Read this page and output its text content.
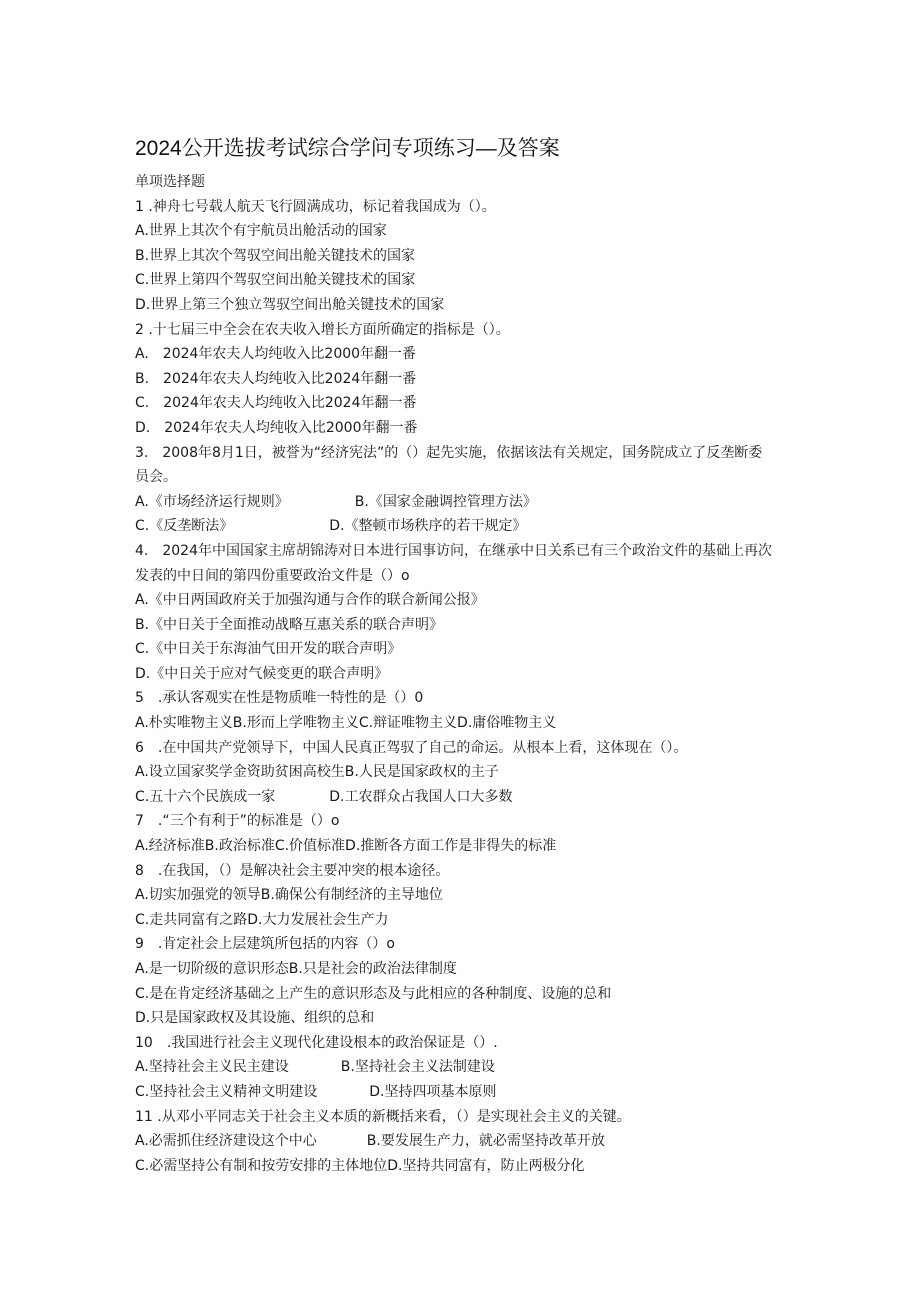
2024公开选拔考试综合学问专项练习—及答案
单项选择题
1 .神舟七号载人航天飞行圆满成功，标记着我国成为（）。
A.世界上其次个有宇航员出舱活动的国家
B.世界上其次个驾驭空间出舱关键技术的国家
C.世界上第四个驾驭空间出舱关键技术的国家
D.世界上第三个独立驾驭空间出舱关键技术的国家
2 .十七届三中全会在农夫收入增长方面所确定的指标是（）。
A.　2024年农夫人均纯收入比2000年翻一番
B.　2024年农夫人均纯收入比2024年翻一番
C.　2024年农夫人均纯收入比2024年翻一番
D.　2024年农夫人均纯收入比2000年翻一番
3.　2008年8月1日，被誉为“经济宪法”的（）起先实施，依据该法有关规定，国务院成立了反垄断委员会。
A.《市场经济运行规则》	B.《国家金融调控管理方法》
C.《反垄断法》	D.《整顿市场秩序的若干规定》
4.　2024年中国国家主席胡锦涛对日本进行国事访问，在继承中日关系已有三个政治文件的基础上再次发表的中日间的第四份重要政治文件是（）o
A.《中日两国政府关于加强沟通与合作的联合新闻公报》
B.《中日关于全面推动战略互惠关系的联合声明》
C.《中日关于东海油气田开发的联合声明》
D.《中日关于应对气候变更的联合声明》
5　.承认客观实在性是物质唯一特性的是（）0
A.朴实唯物主义B.形而上学唯物主义C.辩证唯物主义D.庸俗唯物主义
6　.在中国共产党领导下，中国人民真正驾驭了自己的命运。从根本上看，这体现在（）。
A.设立国家奖学金资助贫困高校生B.人民是国家政权的主子
C.五十六个民族成一家	D.工农群众占我国人口大多数
7　.“三个有利于”的标准是（）o
A.经济标准B.政治标准C.价值标准D.推断各方面工作是非得失的标准
8　.在我国，（）是解决社会主要冲突的根本途径。
A.切实加强党的领导B.确保公有制经济的主导地位
C.走共同富有之路D.大力发展社会生产力
9　.肯定社会上层建筑所包括的内容（）o
A.是一切阶级的意识形态B.只是社会的政治法律制度
C.是在肯定经济基础之上产生的意识形态及与此相应的各种制度、设施的总和
D.只是国家政权及其设施、组织的总和
10　.我国进行社会主义现代化建设根本的政治保证是（）.
A.坚持社会主义民主建设	B.坚持社会主义法制建设
C.坚持社会主义精神文明建设	D.坚持四项基本原则
11 .从邓小平同志关于社会主义本质的新概括来看，（）是实现社会主义的关键。
A.必需抓住经济建设这个中心	B.要发展生产力，就必需坚持改革开放
C.必需坚持公有制和按劳安排的主体地位D.坚持共同富有，防止两极分化
